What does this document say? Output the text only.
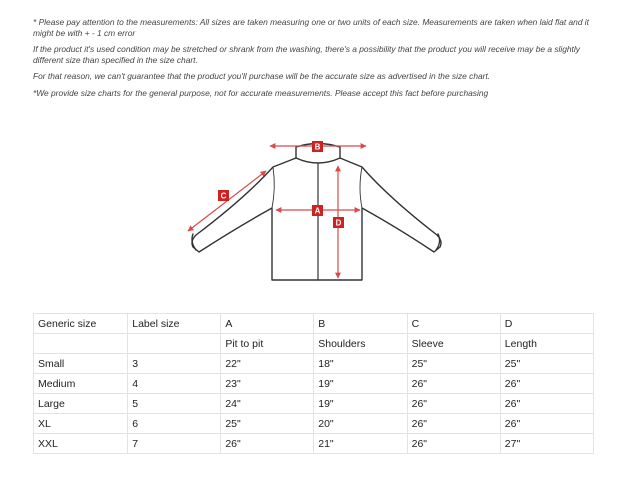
* Please pay attention to the measurements: All sizes are taken measuring one or two units of each size. Measurements are taken when laid flat and it might be with + - 1 cm error

If the product it's used condition may be stretched or shrank from the washing, there's a possibility that the product you will receive may be a slightly different size than specified in the size chart.

For that reason, we can't guarantee that the product you'll purchase will be the accurate size as advertised in the size chart.

*We provide size charts for the general purpose, not for accurate measurements. Please accept this fact before purchasing

B
A
C
D
Generic size	Label size	A	B	C	D
		Pit to pit	Shoulders	Sleeve	Length
Small	3	22"	18"	25"	25"
Medium	4	23"	19"	26"	26"
Large	5	24"	19"	26"	26"
XL	6	25"	20"	26"	26"
XXL	7	26"	21"	26"	27"
